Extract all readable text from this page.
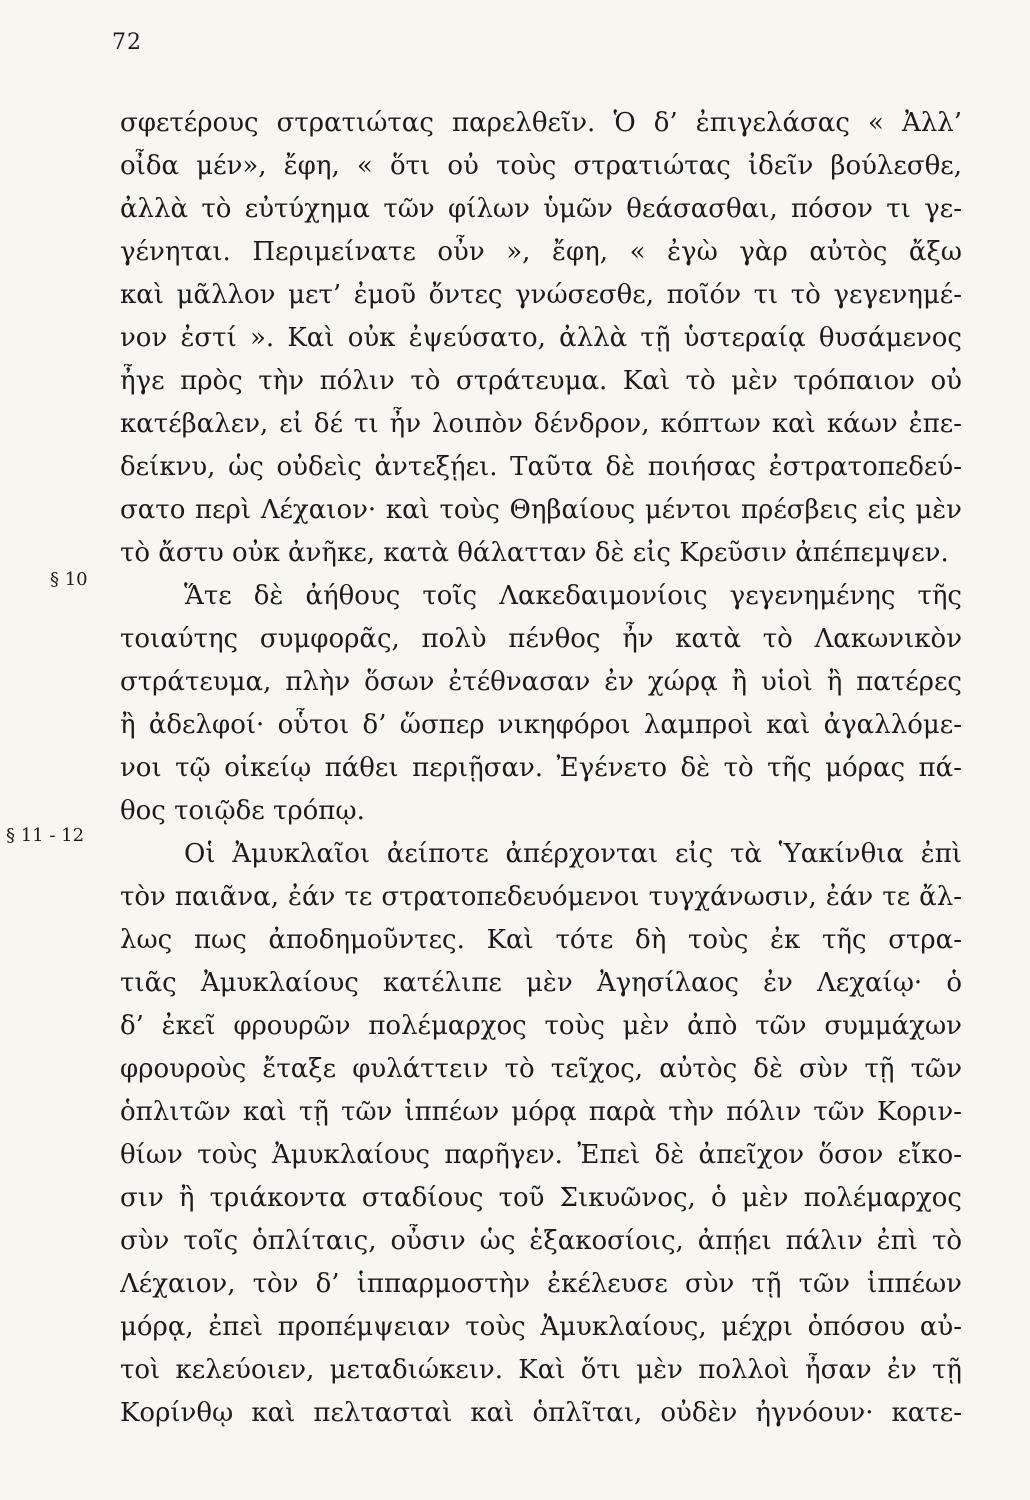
72
§ 10
§ 11 - 12
σφετέρους στρατιώτας παρελθεῖν. Ὁ δ’ ἐπιγελάσας « Ἀλλ’
οἶδα μέν», ἔφη, « ὅτι οὐ τοὺς στρατιώτας ἰδεῖν βούλεσθε,
ἀλλὰ τὸ εὐτύχημα τῶν φίλων ὑμῶν θεάσασθαι, πόσον τι γε-
γένηται. Περιμείνατε οὖν », ἔφη, « ἐγὼ γὰρ αὐτὸς ἄξω
καὶ μᾶλλον μετ’ ἐμοῦ ὄντες γνώσεσθε, ποῖόν τι τὸ γεγενημέ-
νον ἐστί ». Καὶ οὐκ ἐψεύσατο, ἀλλὰ τῇ ὑστεραίᾳ θυσάμενος
ἦγε πρὸς τὴν πόλιν τὸ στράτευμα. Καὶ τὸ μὲν τρόπαιον οὐ
κατέβαλεν, εἰ δέ τι ἦν λοιπὸν δένδρον, κόπτων καὶ κάων ἐπε-
δείκνυ, ὡς οὐδεὶς ἀντεξῄει. Ταῦτα δὲ ποιήσας ἐστρατοπεδεύ-
σατο περὶ Λέχαιον· καὶ τοὺς Θηβαίους μέντοι πρέσβεις εἰς μὲν
τὸ ἄστυ οὐκ ἀνῆκε, κατὰ θάλατταν δὲ εἰς Κρεῦσιν ἀπέπεμψεν.
Ἅτε δὲ ἀήθους τοῖς Λακεδαιμονίοις γεγενημένης τῆς
τοιαύτης συμφορᾶς, πολὺ πένθος ἦν κατὰ τὸ Λακωνικὸν
στράτευμα, πλὴν ὅσων ἐτέθνασαν ἐν χώρᾳ ἢ υἱοὶ ἢ πατέρες
ἢ ἀδελφοί· οὗτοι δ’ ὥσπερ νικηφόροι λαμπροὶ καὶ ἀγαλλόμε-
νοι τῷ οἰκείῳ πάθει περιῇσαν. Ἐγένετο δὲ τὸ τῆς μόρας πά-
θος τοιῷδε τρόπῳ.
Οἱ Ἀμυκλαῖοι ἀείποτε ἀπέρχονται εἰς τὰ Ὑακίνθια ἐπὶ
τὸν παιᾶνα, ἐάν τε στρατοπεδευόμενοι τυγχάνωσιν, ἐάν τε ἄλ-
λως πως ἀποδημοῦντες. Καὶ τότε δὴ τοὺς ἐκ τῆς στρα-
τιᾶς Ἀμυκλαίους κατέλιπε μὲν Ἀγησίλαος ἐν Λεχαίῳ· ὁ
δ’ ἐκεῖ φρουρῶν πολέμαρχος τοὺς μὲν ἀπὸ τῶν συμμάχων
φρουροὺς ἔταξε φυλάττειν τὸ τεῖχος, αὐτὸς δὲ σὺν τῇ τῶν
ὁπλιτῶν καὶ τῇ τῶν ἱππέων μόρᾳ παρὰ τὴν πόλιν τῶν Κοριν-
θίων τοὺς Ἀμυκλαίους παρῆγεν. Ἐπεὶ δὲ ἀπεῖχον ὅσον εἴκο-
σιν ἢ τριάκοντα σταδίους τοῦ Σικυῶνος, ὁ μὲν πολέμαρχος
σὺν τοῖς ὁπλίταις, οὖσιν ὡς ἑξακοσίοις, ἀπῄει πάλιν ἐπὶ τὸ
Λέχαιον, τὸν δ’ ἱππαρμοστὴν ἐκέλευσε σὺν τῇ τῶν ἱππέων
μόρᾳ, ἐπεὶ προπέμψειαν τοὺς Ἀμυκλαίους, μέχρι ὁπόσου αὐ-
τοὶ κελεύοιεν, μεταδιώκειν. Καὶ ὅτι μὲν πολλοὶ ἦσαν ἐν τῇ
Κορίνθῳ καὶ πελτασταὶ καὶ ὁπλῖται, οὐδὲν ἠγνόουν· κατε-
